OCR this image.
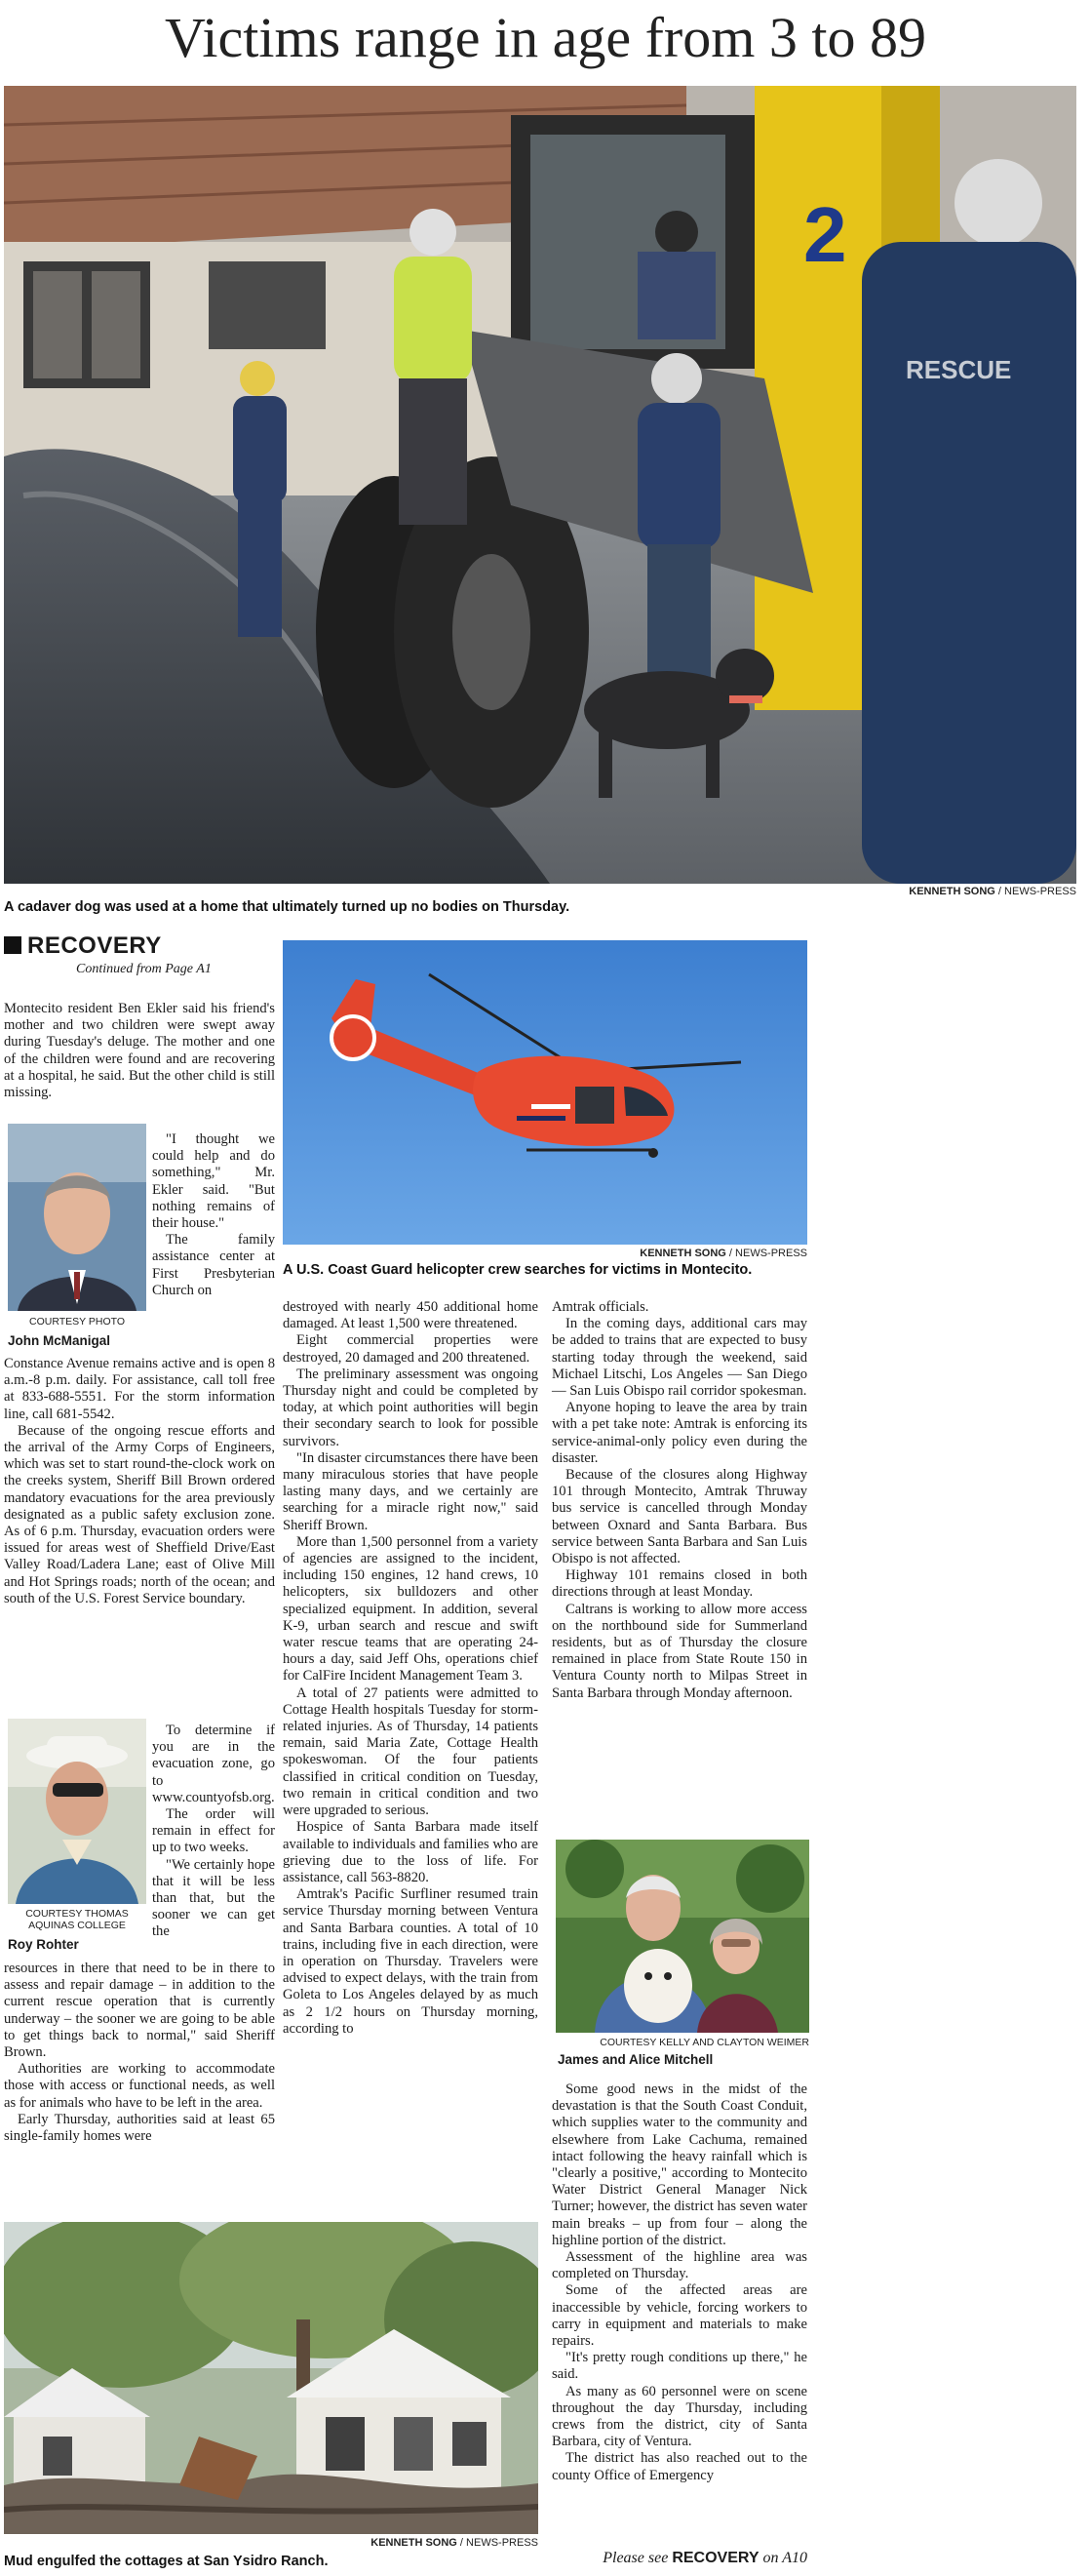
Victims range in age from 3 to 89
2
RESCUE
A cadaver dog was used at a home that ultimately turned up no bodies on Thursday.
KENNETH SONG / NEWS-PRESS
RECOVERY
Continued from Page A1
KENNETH SONG / NEWS-PRESS
A U.S. Coast Guard helicopter crew searches for victims in Montecito.
COURTESY PHOTO
John McManigal

Montecito resident Ben Ekler said his friend's mother and two children were swept away during Tuesday's deluge. The mother and one of the children were found and are recovering at a hospital, he said. But the other child is still missing.

"I thought we could help and do something," Mr. Ekler said. "But nothing remains of their house."

The family assistance center at First Presbyterian Church on

Constance Avenue remains active and is open 8 a.m.-8 p.m. daily. For assistance, call toll free at 833-688-5551. For the storm information line, call 681-5542.

Because of the ongoing rescue efforts and the arrival of the Army Corps of Engineers, which was set to start round-the-clock work on the creeks system, Sheriff Bill Brown ordered mandatory evacuations for the area previously designated as a public safety exclusion zone. As of 6 p.m. Thursday, evacuation orders were issued for areas west of Sheffield Drive/East Valley Road/Ladera Lane; east of Olive Mill and Hot Springs roads; north of the ocean; and south of the U.S. Forest Service boundary.

COURTESY THOMAS AQUINAS COLLEGE
Roy Rohter

To determine if you are in the evacuation zone, go to www.countyofsb.org.

The order will remain in effect for up to two weeks.

"We certainly hope that it will be less than that, but the sooner we can get the

resources in there that need to be in there to assess and repair damage – in addition to the current rescue operation that is currently underway – the sooner we are going to be able to get things back to normal," said Sheriff Brown.

Authorities are working to accommodate those with access or functional needs, as well as for animals who have to be left in the area.

Early Thursday, authorities said at least 65 single-family homes were

destroyed with nearly 450 additional home damaged. At least 1,500 were threatened.

Eight commercial properties were destroyed, 20 damaged and 200 threatened.

The preliminary assessment was ongoing Thursday night and could be completed by today, at which point authorities will begin their secondary search to look for possible survivors.

"In disaster circumstances there have been many miraculous stories that have people lasting many days, and we certainly are searching for a miracle right now," said Sheriff Brown.

More than 1,500 personnel from a variety of agencies are assigned to the incident, including 150 engines, 12 hand crews, 10 helicopters, six bulldozers and other specialized equipment. In addition, several K-9, urban search and rescue and swift water rescue teams that are operating 24-hours a day, said Jeff Ohs, operations chief for CalFire Incident Management Team 3.

A total of 27 patients were admitted to Cottage Health hospitals Tuesday for storm-related injuries. As of Thursday, 14 patients remain, said Maria Zate, Cottage Health spokeswoman. Of the four patients classified in critical condition on Tuesday, two remain in critical condition and two were upgraded to serious.

Hospice of Santa Barbara made itself available to individuals and families who are grieving due to the loss of life. For assistance, call 563-8820.

Amtrak's Pacific Surfliner resumed train service Thursday morning between Ventura and Santa Barbara counties. A total of 10 trains, including five in each direction, were in operation on Thursday. Travelers were advised to expect delays, with the train from Goleta to Los Angeles delayed by as much as 2 1/2 hours on Thursday morning, according to

Amtrak officials.

In the coming days, additional cars may be added to trains that are expected to busy starting today through the weekend, said Michael Litschi, Los Angeles — San Diego — San Luis Obispo rail corridor spokesman.

Anyone hoping to leave the area by train with a pet take note: Amtrak is enforcing its service-animal-only policy even during the disaster.

Because of the closures along Highway 101 through Montecito, Amtrak Thruway bus service is cancelled through Monday between Oxnard and Santa Barbara. Bus service between Santa Barbara and San Luis Obispo is not affected.

Highway 101 remains closed in both directions through at least Monday.

Caltrans is working to allow more access on the northbound side for Summerland residents, but as of Thursday the closure remained in place from State Route 150 in Ventura County north to Milpas Street in Santa Barbara through Monday afternoon.

COURTESY KELLY AND CLAYTON WEIMER
James and Alice Mitchell

Some good news in the midst of the devastation is that the South Coast Conduit, which supplies water to the community and elsewhere from Lake Cachuma, remained intact following the heavy rainfall which is "clearly a positive," according to Montecito Water District General Manager Nick Turner; however, the district has seven water main breaks – up from four – along the highline portion of the district.

Assessment of the highline area was completed on Thursday.

Some of the affected areas are inaccessible by vehicle, forcing workers to carry in equipment and materials to make repairs.

"It's pretty rough conditions up there," he said.

As many as 60 personnel were on scene throughout the day Thursday, including crews from the district, city of Santa Barbara, city of Ventura.

The district has also reached out to the county Office of Emergency

KENNETH SONG / NEWS-PRESS
Mud engulfed the cottages at San Ysidro Ranch.	Please see RECOVERY on A10
